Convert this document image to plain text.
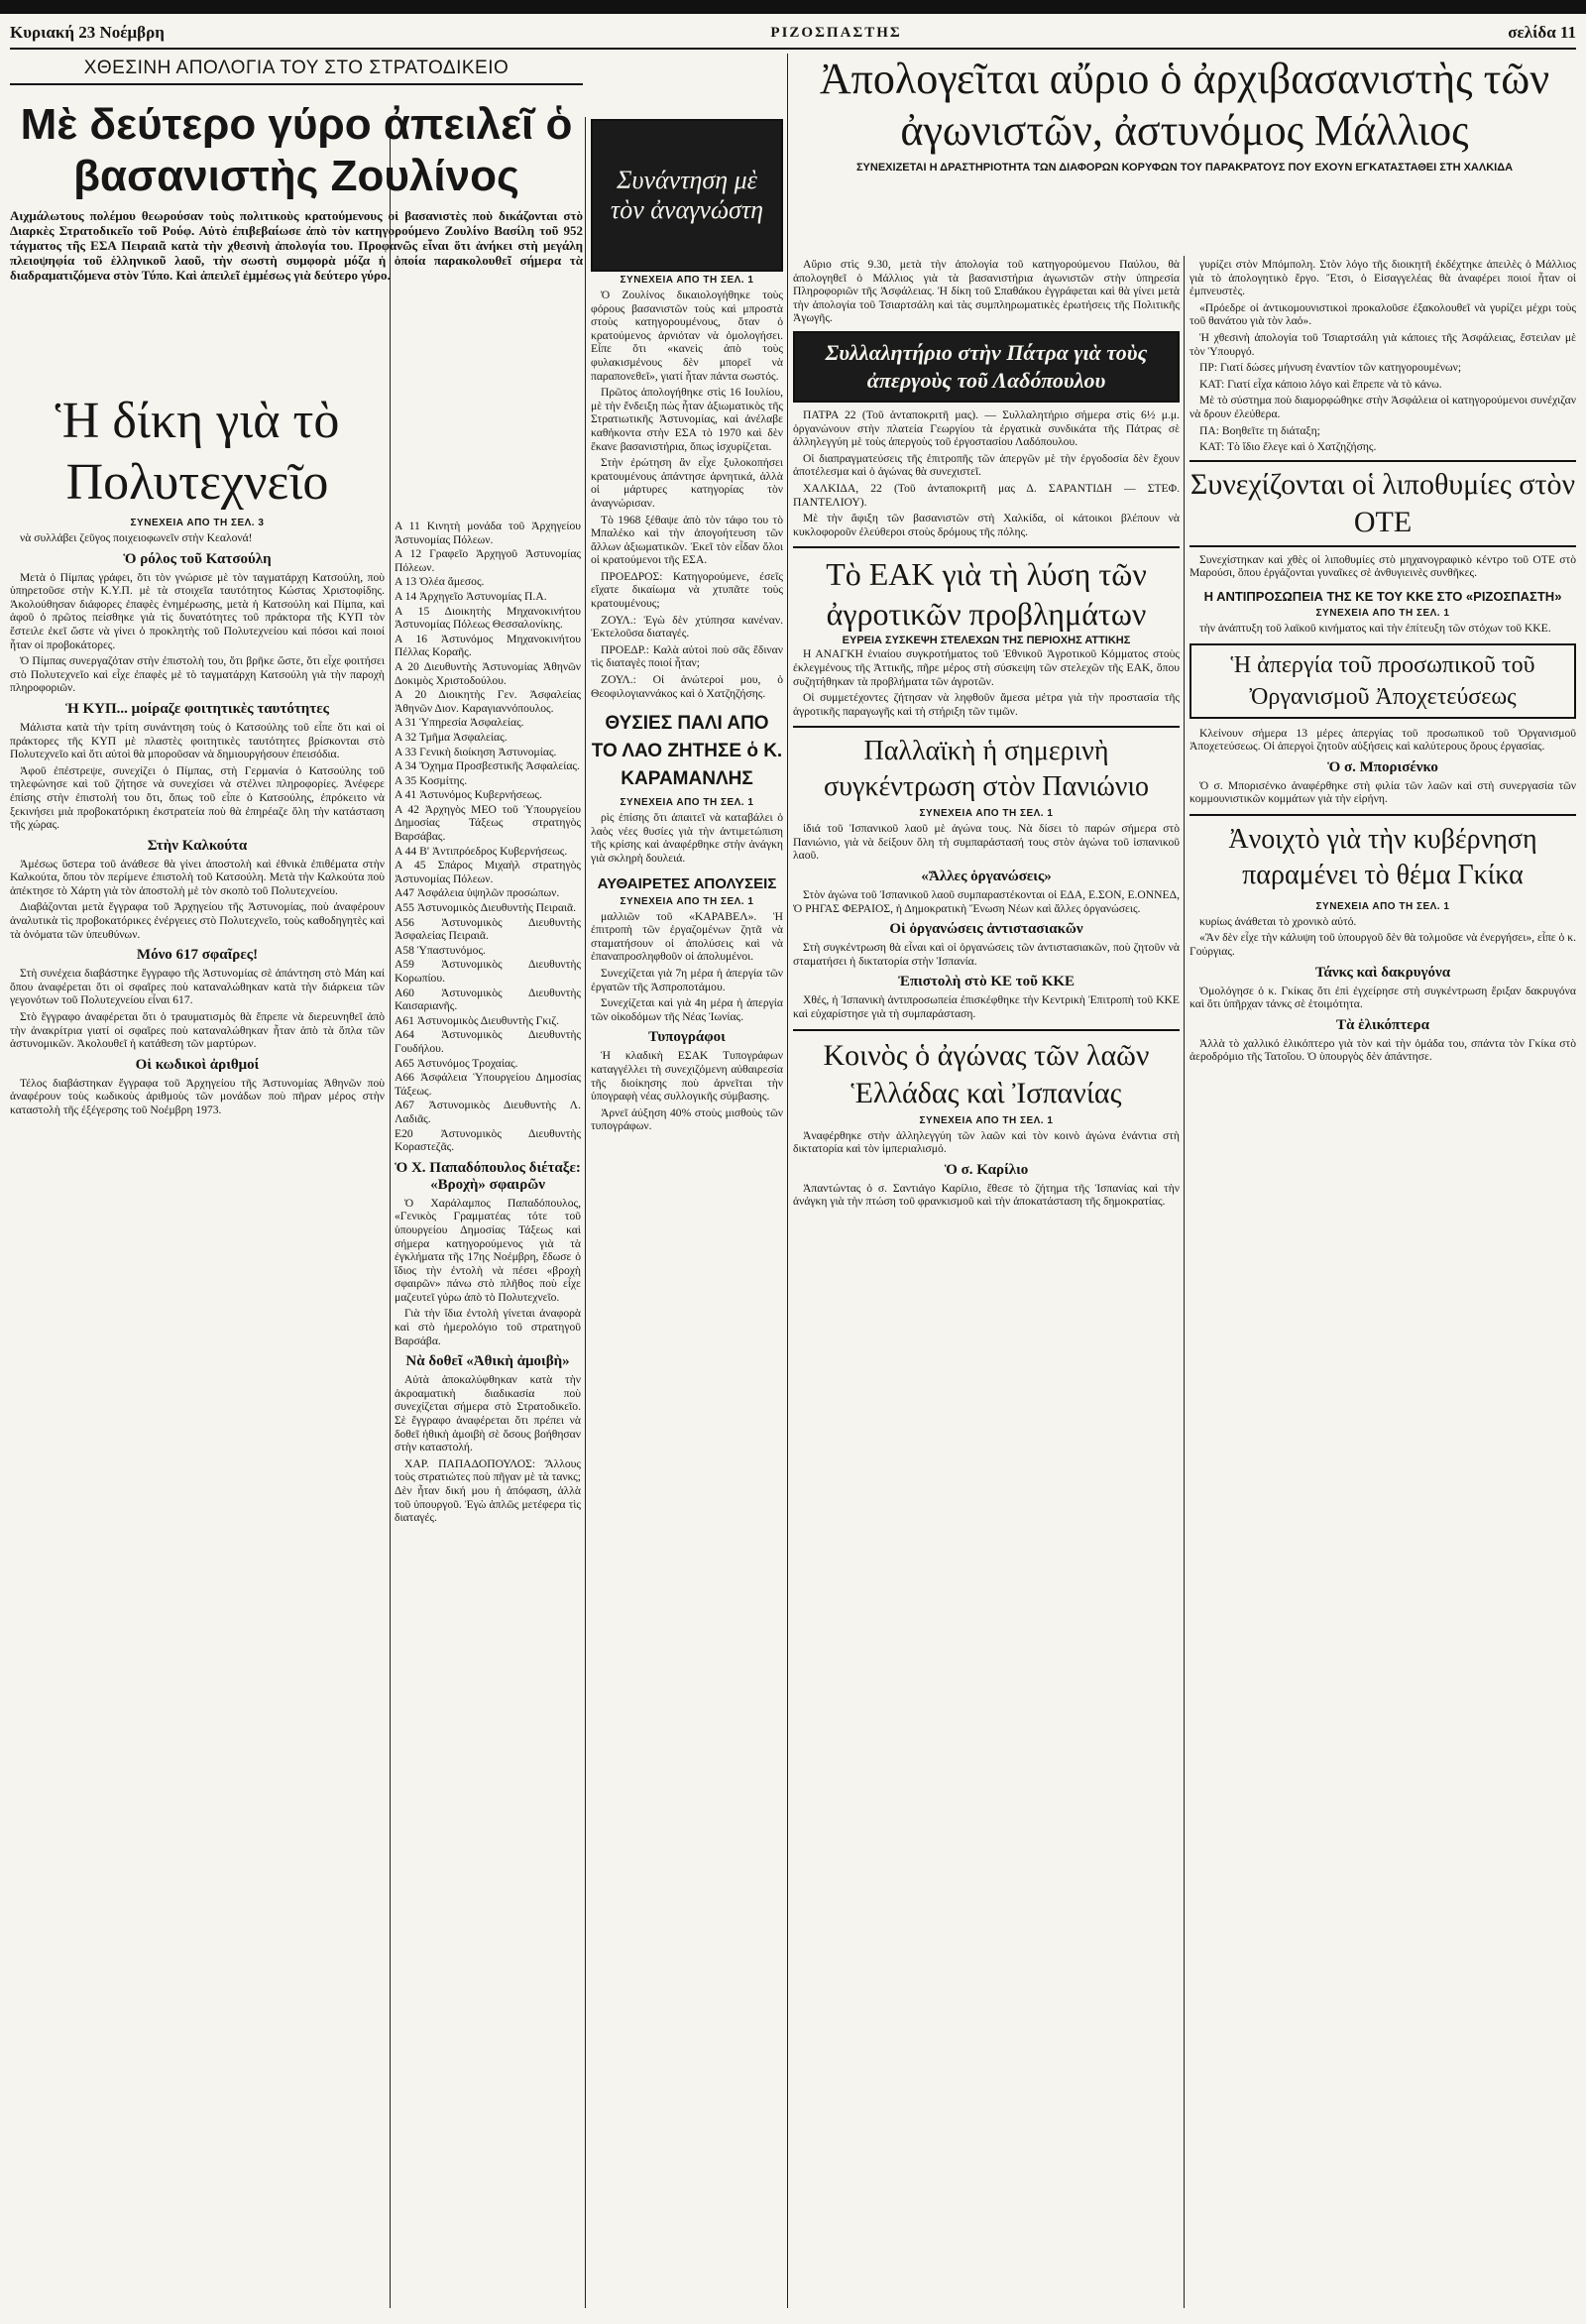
Κυριακή 23 Νοέμβρη	ΡΙΖΟΣΠΑΣΤΗΣ	σελίδα 11
ΧΘΕΣΙΝΗ ΑΠΟΛΟΓΙΑ ΤΟΥ ΣΤΟ ΣΤΡΑΤΟΔΙΚΕΙΟ
Μὲ δεύτερο γύρο ἀπειλεῖ ὁ βασανιστὴς Ζουλίνος

Αιχμάλωτους πολέμου θεωρούσαν τοὺς πολιτικοὺς κρατούμενους οἱ βασανιστὲς ποὺ δικάζονται στὸ Διαρκὲς Στρατοδικεῖο τοῦ Ρούφ. Αὐτὸ ἐπιβεβαίωσε ἀπὸ τὸν κατηγορούμενο Ζουλίνο Βασίλη τοῦ 952 τάγματος τῆς ΕΣΑ Πειραιᾶ κατὰ τὴν χθεσινὴ ἀπολογία του. Προφανῶς εἶναι ὅτι ἀνήκει στὴ μεγάλη πλειοψηφία τοῦ ἑλληνικοῦ λαοῦ, τὴν σωστὴ συμφορὰ μόζα ἡ ὁποία παρακολουθεῖ σήμερα τὰ διαδραματιζόμενα στὸν Τύπο. Καὶ ἀπειλεῖ ἐμμέσως γιὰ δεύτερο γύρο.

Ἡ δίκη γιὰ τὸ Πολυτεχνεῖο
ΣΥΝΕΧΕΙΑ ΑΠΟ ΤΗ ΣΕΛ. 3

νὰ συλλάβει ζεῦγος ποιχειοφωνεῖν στὴν Κεαλονά!

Ὁ ρόλος τοῦ Κατσούλη

Μετὰ ὁ Πίμπας γράφει, ὅτι τὸν γνώρισε μὲ τὸν ταγματάρχη Κατσούλη, ποὺ ὑπηρετοῦσε στὴν Κ.Υ.Π. μὲ τὰ στοιχεῖα ταυτότητος Κώστας Χριστοφίδης. Ἀκολούθησαν διάφορες ἐπαφὲς ἐνημέρωσης, μετὰ ἡ Κατσούλη καὶ Πίμπα, καὶ ἀφοῦ ὁ πρῶτος πείσθηκε γιὰ τὶς δυνατότητες τοῦ πράκτορα τῆς ΚΥΠ τὸν ἔστειλε ἐκεῖ ὥστε νὰ γίνει ὁ προκλητὴς τοῦ Πολυτεχνείου καὶ πόσοι καὶ ποιοί ἦταν οἱ προβοκάτορες.

Ὁ Πίμπας συνεργαζόταν στὴν ἐπιστολὴ του, ὅτι βρῆκε ὥστε, ὅτι εἶχε φοιτήσει στὸ Πολυτεχνεῖο καὶ εἶχε ἐπαφὲς μὲ τὸ ταγματάρχη Κατσούλη γιὰ τὴν παροχὴ πληροφοριῶν.

Ἡ ΚΥΠ... μοίραζε φοιτητικὲς ταυτότητες

Μάλιστα κατὰ τὴν τρίτη συνάντηση τοὺς ὁ Κατσούλης τοῦ εἶπε ὅτι καὶ οἱ πράκτορες τῆς ΚΥΠ μὲ πλαστὲς φοιτητικὲς ταυτότητες βρίσκονται στὸ Πολυτεχνεῖο καὶ ὅτι αὐτοὶ θὰ μποροῦσαν νὰ δημιουργήσουν ἐπεισόδια.

Ἀφοῦ ἐπέστρεψε, συνεχίζει ὁ Πίμπας, στὴ Γερμανία ὁ Κατσούλης τοῦ τηλεφώνησε καὶ τοῦ ζήτησε νὰ συνεχίσει νὰ στέλνει πληροφορίες. Ἀνέφερε ἐπίσης στὴν ἐπιστολή του ὅτι, ὅπως τοῦ εἶπε ὁ Κατσούλης, ἐπρόκειτο νὰ ξεκινήσει μιὰ προβοκατόρικη ἐκστρατεία ποὺ θὰ ἐπηρέαζε ὅλη τὴν κατάσταση τῆς χώρας.

Στὴν Καλκούτα

Ἀμέσως ὕστερα τοῦ ἀνάθεσε θὰ γίνει ἀποστολὴ καὶ ἐθνικὰ ἐπιθέματα στὴν Καλκούτα, ὅπου τὸν περίμενε ἐπιστολὴ τοῦ Κατσούλη. Μετὰ τὴν Καλκούτα ποὺ ἀπέκτησε τὸ Χάρτη γιὰ τὸν ἀποστολὴ μὲ τὸν σκοπὸ τοῦ Πολυτεχνείου.

Διαβάζονται μετὰ ἔγγραφα τοῦ Ἀρχηγείου τῆς Ἀστυνομίας, ποὺ ἀναφέρουν ἀναλυτικὰ τὶς προβοκατόρικες ἐνέργειες στὸ Πολυτεχνεῖο, τοὺς καθοδηγητὲς καὶ τὰ ὀνόματα τῶν ὑπευθύνων.

Μόνο 617 σφαῖρες!

Στὴ συνέχεια διαβάστηκε ἔγγραφο τῆς Ἀστυνομίας σὲ ἀπάντηση στὸ Μάη καί ὅπου ἀναφέρεται ὅτι οἱ σφαῖρες ποὺ καταναλώθηκαν κατὰ τὴν διάρκεια τῶν γεγονότων τοῦ Πολυτεχνείου εἶναι 617.

Στὸ ἔγγραφο ἀναφέρεται ὅτι ὁ τραυματισμὸς θὰ ἔπρεπε νὰ διερευνηθεῖ ἀπὸ τὴν ἀνακρίτρια γιατί οἱ σφαῖρες ποὺ καταναλώθηκαν ἦταν ἀπὸ τὰ ὅπλα τῶν ἀστυνομικῶν. Ἀκολουθεῖ ἡ κατάθεση τῶν μαρτύρων.

Οἱ κωδικοὶ ἀριθμοί

Τέλος διαβάστηκαν ἔγγραφα τοῦ Ἀρχηγείου τῆς Ἀστυνομίας Ἀθηνῶν ποὺ ἀναφέρουν τοὺς κωδικοὺς ἀριθμοὺς τῶν μονάδων ποὺ πῆραν μέρος στὴν καταστολὴ τῆς ἐξέγερσης τοῦ Νοέμβρη 1973.

Α 11 Κινητὴ μονάδα τοῦ Ἀρχηγείου Ἀστυνομίας Πόλεων.

Α 12 Γραφεῖο Ἀρχηγοῦ Ἀστυνομίας Πόλεων.

Α 13 Ὁλέα ἄμεσος.

Α 14 Ἀρχηγεῖο Ἀστυνομίας Π.Α.

Α 15 Διοικητὴς Μηχανοκινήτου Ἀστυνομίας Πόλεως Θεσσαλονίκης.

Α 16 Ἀστυνόμος Μηχανοκινήτου Πέλλας Κοραῆς.

Α 20 Διευθυντὴς Ἀστυνομίας Ἀθηνῶν Δοκιμὸς Χριστοδούλου.

Α 20 Διοικητὴς Γεν. Ἀσφαλείας Ἀθηνῶν Διον. Καραγιαννόπουλος.

Α 31 Ὑπηρεσία Ἀσφαλείας.

Α 32 Τμῆμα Ἀσφαλείας.

Α 33 Γενικὴ διοίκηση Ἀστυνομίας.

Α 34 Ὄχημα Προσβεστικῆς Ἀσφαλείας.

Α 35 Κοσμίτης.

Α 41 Ἀστυνόμος Κυβερνήσεως.

Α 42 Ἀρχηγὸς ΜΕΟ τοῦ Ὑπουργείου Δημοσίας Τάξεως στρατηγὸς Βαρσάβας.

Α 44 Β' Ἀντιπρόεδρος Κυβερνήσεως.

Α 45 Σπάρος Μιχαὴλ στρατηγὸς Ἀστυνομίας Πόλεων.

Α47 Ἀσφάλεια ὑψηλῶν προσώπων.

Α55 Ἀστυνομικὸς Διευθυντὴς Πειραιᾶ.

Α56 Ἀστυνομικὸς Διευθυντὴς Ἀσφαλείας Πειραιᾶ.

Α58 Ὑπαστυνόμος.

Α59 Ἀστυνομικὸς Διευθυντὴς Κορωπίου.

Α60 Ἀστυνομικὸς Διευθυντὴς Καισαριανῆς.

Α61 Ἀστυνομικὸς Διευθυντὴς Γκιζ.

Α64 Ἀστυνομικὸς Διευθυντὴς Γουδήλου.

Α65 Ἀστυνόμος Τροχαίας.

Α66 Ἀσφάλεια Ὑπουργείου Δημοσίας Τάξεως.

Α67 Ἀστυνομικὸς Διευθυντὴς Λ. Λαδιᾶς.

Ε20 Ἀστυνομικὸς Διευθυντὴς Κοραστεζᾶς.

Ὁ Χ. Παπαδόπουλος διέταξε: «Βροχὴ» σφαιρῶν

Ὁ Χαράλαμπος Παπαδόπουλος, «Γενικὸς Γραμματέας τότε τοῦ ὑπουργείου Δημοσίας Τάξεως καὶ σήμερα κατηγορούμενος γιὰ τὰ ἐγκλήματα τῆς 17ης Νοέμβρη, ἔδωσε ὁ ἴδιος τὴν ἐντολὴ νὰ πέσει «βροχὴ σφαιρῶν» πάνω στὸ πλῆθος ποὺ εἶχε μαζευτεῖ γύρω ἀπὸ τὸ Πολυτεχνεῖο.

Γιὰ τὴν ἴδια ἐντολὴ γίνεται ἀναφορὰ καὶ στὸ ἡμερολόγιο τοῦ στρατηγοῦ Βαρσάβα.

Νὰ δοθεῖ «Ἀθικὴ ἀμοιβὴ»

Αὐτὰ ἀποκαλύφθηκαν κατὰ τὴν ἀκροαματικὴ διαδικασία ποὺ συνεχίζεται σήμερα στὸ Στρατοδικεῖο. Σὲ ἔγγραφο ἀναφέρεται ὅτι πρέπει νὰ δοθεῖ ἠθικὴ ἀμοιβὴ σὲ ὅσους βοήθησαν στὴν καταστολή.

ΧΑΡ. ΠΑΠΑΔΟΠΟΥΛΟΣ: Ἄλλους τοὺς στρατιώτες ποὺ πῆγαν μὲ τὰ τανκς; Δὲν ἦταν δική μου ἡ ἀπόφαση, ἀλλὰ τοῦ ὑπουργοῦ. Ἐγὼ ἁπλῶς μετέφερα τὶς διαταγές.

Συνάντηση μὲ τὸν ἀναγνώστη
ΣΥΝΕΧΕΙΑ ΑΠΟ ΤΗ ΣΕΛ. 1

Ὁ Ζουλίνος δικαιολογήθηκε τοὺς φόρους βασανιστῶν τοὺς καὶ μπροστὰ στοὺς κατηγορουμένους, ὅταν ὁ κρατούμενος ἀρνιόταν νὰ ὁμολογήσει. Εἶπε ὅτι «κανεὶς ἀπὸ τοὺς φυλακισμένους δὲν μπορεῖ νὰ παραπονεθεῖ», γιατί ἦταν πάντα σωστός.

Πρῶτος ἀπολογήθηκε στὶς 16 Ιουλίου, μὲ τὴν ἔνδειξη πὼς ἦταν ἀξιωματικὸς τῆς Στρατιωτικῆς Ἀστυνομίας, καὶ ἀνέλαβε καθήκοντα στὴν ΕΣΑ τὸ 1970 καὶ δὲν ἔκανε βασανιστήρια, ὅπως ἰσχυρίζεται.

Στὴν ἐρώτηση ἂν εἶχε ξυλοκοπήσει κρατουμένους ἀπάντησε ἀρνητικά, ἀλλὰ οἱ μάρτυρες κατηγορίας τὸν ἀναγνώρισαν.

Τὸ 1968 ξέθαψε ἀπὸ τὸν τάφο του τὸ Μπαλέκο καὶ τὴν ἀπογοήτευση τῶν ἄλλων ἀξιωματικῶν. Ἐκεῖ τὸν εἶδαν ὅλοι οἱ κρατούμενοι τῆς ΕΣΑ.

ΠΡΟΕΔΡΟΣ: Κατηγορούμενε, ἐσεῖς εἴχατε δικαίωμα νὰ χτυπᾶτε τοὺς κρατουμένους;

ΖΟΥΛ.: Ἐγὼ δὲν χτύπησα κανέναν. Ἐκτελοῦσα διαταγές.

ΠΡΟΕΔΡ.: Καλὰ αὐτοὶ ποὺ σᾶς ἔδιναν τὶς διαταγὲς ποιοί ἦταν;

ΖΟΥΛ.: Οἱ ἀνώτεροί μου, ὁ Θεοφιλογιαννάκος καὶ ὁ Χατζηζήσης.

ΘΥΣΙΕΣ ΠΑΛΙ ΑΠΟ ΤΟ ΛΑΟ ΖΗΤΗΣΕ ὁ Κ. ΚΑΡΑΜΑΝΛΗΣ
ΣΥΝΕΧΕΙΑ ΑΠΟ ΤΗ ΣΕΛ. 1

ρὶς ἐπίσης ὅτι ἀπαιτεῖ νὰ καταβάλει ὁ λαὸς νέες θυσίες γιὰ τὴν ἀντιμετώπιση τῆς κρίσης καὶ ἀναφέρθηκε στὴν ἀνάγκη γιὰ σκληρὴ δουλειά.

ΑΥΘΑΙΡΕΤΕΣ ΑΠΟΛΥΣΕΙΣ
ΣΥΝΕΧΕΙΑ ΑΠΟ ΤΗ ΣΕΛ. 1

μαλλιῶν τοῦ «ΚΑΡΑΒΕΛ». Ἡ ἐπιτροπὴ τῶν ἐργαζομένων ζητᾶ νὰ σταματήσουν οἱ ἀπολύσεις καὶ νὰ ἐπαναπροσληφθοῦν οἱ ἀπολυμένοι.

Συνεχίζεται γιὰ 7η μέρα ἡ ἀπεργία τῶν ἐργατῶν τῆς Ἀσπροποτάμου.

Συνεχίζεται καὶ γιὰ 4η μέρα ἡ ἀπεργία τῶν οἰκοδόμων τῆς Νέας Ἰωνίας.

Τυπογράφοι

Ἡ κλαδικὴ ΕΣΑΚ Τυπογράφων καταγγέλλει τὴ συνεχιζόμενη αὐθαιρεσία τῆς διοίκησης ποὺ ἀρνεῖται τὴν ὑπογραφὴ νέας συλλογικῆς σύμβασης.

Ἀρνεῖ ἀύξηση 40% στοὺς μισθοὺς τῶν τυπογράφων.

Ἀπολογεῖται αὔριο ὁ ἀρχιβασανιστὴς τῶν ἀγωνιστῶν, ἀστυνόμος Μάλλιος
ΣΥΝΕΧΙΖΕΤΑΙ Η ΔΡΑΣΤΗΡΙΟΤΗΤΑ ΤΩΝ ΔΙΑΦΟΡΩΝ ΚΟΡΥΦΩΝ ΤΟΥ ΠΑΡΑΚΡΑΤΟΥΣ ΠΟΥ ΕΧΟΥΝ ΕΓΚΑΤΑΣΤΑΘΕΙ ΣΤΗ ΧΑΛΚΙΔΑ

Αὔριο στὶς 9.30, μετὰ τὴν ἀπολογία τοῦ κατηγορούμενου Παύλου, θὰ ἀπολογηθεῖ ὁ Μάλλιος γιὰ τὰ βασανιστήρια ἀγωνιστῶν στὴν ὑπηρεσία Πληροφοριῶν τῆς Ἀσφάλειας. Ἡ δίκη τοῦ Σπαθάκου ἐγγράφεται καὶ θὰ γίνει μετὰ τὴν ἀπολογία τοῦ Τσιαρτσάλη καὶ τὰς συμπληρωματικὲς ἐρωτήσεις τῆς Πολιτικῆς Ἀγωγῆς.

Συλλαλητήριο στὴν Πάτρα γιὰ τοὺς ἀπεργοὺς τοῦ Λαδόπουλου

ΠΑΤΡΑ 22 (Τοῦ ἀνταποκριτῆ μας). — Συλλαλητήριο σήμερα στὶς 6½ μ.μ. ὀργανώνουν στὴν πλατεία Γεωργίου τὰ ἐργατικὰ συνδικάτα τῆς Πάτρας σὲ ἀλληλεγγύη μὲ τοὺς ἀπεργοὺς τοῦ ἐργοστασίου Λαδόπουλου.

Οἱ διαπραγματεύσεις τῆς ἐπιτροπῆς τῶν ἀπεργῶν μὲ τὴν ἐργοδοσία δὲν ἔχουν ἀποτέλεσμα καὶ ὁ ἀγώνας θὰ συνεχιστεῖ.

ΧΑΛΚΙΔΑ, 22 (Τοῦ ἀνταποκριτῆ μας Δ. ΣΑΡΑΝΤΙΔΗ — ΣΤΕΦ. ΠΑΝΤΕΛΙΟΥ).

Μὲ τὴν ἄφιξη τῶν βασανιστῶν στὴ Χαλκίδα, οἱ κάτοικοι βλέπουν νὰ κυκλοφοροῦν ἐλεύθεροι στοὺς δρόμους τῆς πόλης.

Τὸ ΕΑΚ γιὰ τὴ λύση τῶν ἀγροτικῶν προβλημάτων
ΕΥΡΕΙΑ ΣΥΣΚΕΨΗ ΣΤΕΛΕΧΩΝ ΤΗΣ ΠΕΡΙΟΧΗΣ ΑΤΤΙΚΗΣ

Η ΑΝΑΓΚΗ ἑνιαίου συγκροτήματος τοῦ Ἐθνικοῦ Ἀγροτικοῦ Κόμματος στοὺς ἐκλεγμένους τῆς Ἀττικῆς, πῆρε μέρος στὴ σύσκεψη τῶν στελεχῶν τῆς ΕΑΚ, ὅπου συζητήθηκαν τὰ προβλήματα τῶν ἀγροτῶν.

Οἱ συμμετέχοντες ζήτησαν νὰ ληφθοῦν ἄμεσα μέτρα γιὰ τὴν προστασία τῆς ἀγροτικῆς παραγωγῆς καὶ τὴ στήριξη τῶν τιμῶν.

Παλλαϊκὴ ἡ σημερινὴ συγκέντρωση στὸν Πανιώνιο
ΣΥΝΕΧΕΙΑ ΑΠΟ ΤΗ ΣΕΛ. 1

ἰδιά τοῦ Ἰσπανικοῦ λαοῦ μὲ ἀγώνα τους. Νὰ δίσει τὸ παρών σήμερα στὸ Πανιώνιο, γιὰ νὰ δείξουν ὅλη τὴ συμπαράστασή τους στὸν ἀγώνα τοῦ ἰσπανικοῦ λαοῦ.

«Ἄλλες ὀργανώσεις»

Στὸν ἀγώνα τοῦ Ἰσπανικοῦ λαοῦ συμπαραστέκονται οἱ ΕΔΑ, Ε.ΣΟΝ, Ε.ΟΝΝΕΔ, Ὁ ΡΗΓΑΣ ΦΕΡΑΙΟΣ, ἡ Δημοκρατικὴ Ἕνωση Νέων καὶ ἄλλες ὀργανώσεις.

Οἱ ὀργανώσεις ἀντιστασιακῶν

Στὴ συγκέντρωση θὰ εἶναι καὶ οἱ ὀργανώσεις τῶν ἀντιστασιακῶν, ποὺ ζητοῦν νὰ σταματήσει ἡ δικτατορία στὴν Ἰσπανία.

Ἐπιστολὴ στὸ ΚΕ τοῦ ΚΚΕ

Χθές, ἡ Ἰσπανικὴ ἀντιπροσωπεία ἐπισκέφθηκε τὴν Κεντρικὴ Ἐπιτροπὴ τοῦ ΚΚΕ καὶ εὐχαρίστησε γιὰ τὴ συμπαράσταση.

Κοινὸς ὁ ἀγώνας τῶν λαῶν Ἑλλάδας καὶ Ἰσπανίας
ΣΥΝΕΧΕΙΑ ΑΠΟ ΤΗ ΣΕΛ. 1

Ἀναφέρθηκε στὴν ἀλληλεγγύη τῶν λαῶν καὶ τὸν κοινὸ ἀγώνα ἐνάντια στὴ δικτατορία καὶ τὸν ἰμπεριαλισμό.

Ὁ σ. Καρίλιο

Ἀπαντώντας ὁ σ. Σαντιάγο Καρίλιο, ἔθεσε τὸ ζήτημα τῆς Ἰσπανίας καὶ τὴν ἀνάγκη γιὰ τὴν πτώση τοῦ φρανκισμοῦ καὶ τὴν ἀποκατάσταση τῆς δημοκρατίας.

γυρίζει στὸν Μπόμπολη. Στὸν λόγο τῆς διοικητῆ ἐκδέχτηκε ἀπειλὲς ὁ Μάλλιος γιὰ τὸ ἀπολογητικὸ ἔργο. Ἔτσι, ὁ Εἰσαγγελέας θὰ ἀναφέρει ποιοί ἦταν οἱ ἐμπνευστὲς.

«Πρόεδρε οἱ ἀντικομουνιστικοὶ προκαλοῦσε ἐξακολουθεῖ νὰ γυρίζει μέχρι τοὺς τοῦ θανάτου γιὰ τὸν λαό».

Ἡ χθεσινὴ ἀπολογία τοῦ Τσιαρτσάλη γιὰ κάποιες τῆς Ἀσφάλειας, ἔστειλαν μὲ τὸν Ὑπουργό.

ΠΡ: Γιατί δώσες μήνυση ἐναντίον τῶν κατηγορουμένων;

ΚΑΤ: Γιατί εἶχα κάποιο λόγο καὶ ἔπρεπε νὰ τὸ κάνω.

Μὲ τὸ σύστημα ποὺ διαμορφώθηκε στὴν Ἀσφάλεια οἱ κατηγορούμενοι συνέχιζαν νὰ δρουν ἐλεύθερα.

ΠΑ: Βοηθεῖτε τη διάταξη;

ΚΑΤ: Τὸ ἴδιο ἔλεγε καὶ ὁ Χατζηζήσης.

Συνεχίζονται οἱ λιποθυμίες στὸν ΟΤΕ

Συνεχίστηκαν καὶ χθὲς οἱ λιποθυμίες στὸ μηχανογραφικὸ κέντρο τοῦ ΟΤΕ στὸ Μαρούσι, ὅπου ἐργάζονται γυναῖκες σὲ ἀνθυγιεινὲς συνθῆκες.

Η ΑΝΤΙΠΡΟΣΩΠΕΙΑ ΤΗΣ ΚΕ ΤΟΥ ΚΚΕ ΣΤΟ «ΡΙΖΟΣΠΑΣΤΗ»
ΣΥΝΕΧΕΙΑ ΑΠΟ ΤΗ ΣΕΛ. 1

τὴν ἀνάπτυξη τοῦ λαϊκοῦ κινήματος καὶ τὴν ἐπίτευξη τῶν στόχων τοῦ ΚΚΕ.

Ἡ ἀπεργία τοῦ προσωπικοῦ τοῦ Ὀργανισμοῦ Ἀποχετεύσεως

Κλείνουν σήμερα 13 μέρες ἀπεργίας τοῦ προσωπικοῦ τοῦ Ὀργανισμοῦ Ἀποχετεύσεως. Οἱ ἀπεργοὶ ζητοῦν αὐξήσεις καὶ καλύτερους ὅρους ἐργασίας.

Ὁ σ. Μπορισένκο

Ὁ σ. Μπορισένκο ἀναφέρθηκε στὴ φιλία τῶν λαῶν καὶ στὴ συνεργασία τῶν κομμουνιστικῶν κομμάτων γιὰ τὴν εἰρήνη.

Ἀνοιχτὸ γιὰ τὴν κυβέρνηση παραμένει τὸ θέμα Γκίκα
ΣΥΝΕΧΕΙΑ ΑΠΟ ΤΗ ΣΕΛ. 1

κυρίως ἀνάθεται τὸ χρονικὸ αὐτό.

«Ἂν δὲν εἶχε τὴν κάλυψη τοῦ ὑπουργοῦ δὲν θὰ τολμοῦσε νὰ ἐνεργήσει», εἶπε ὁ κ. Γούργιας.

Τάνκς καὶ δακρυγόνα

Ὁμολόγησε ὁ κ. Γκίκας ὅτι ἐπὶ ἐγχείρησε στὴ συγκέντρωση ἔριξαν δακρυγόνα καὶ ὅτι ὑπῆρχαν τάνκς σὲ ἑτοιμότητα.

Τὰ ἑλικόπτερα

Ἀλλὰ τὸ χαλλικό ἑλικόπτερο γιὰ τὸν καὶ τὴν ὁμάδα του, σπάντα τὸν Γκίκα στὸ ἀεροδρόμιο τῆς Τατοΐου. Ὁ ὑπουργὸς δὲν ἀπάντησε.
